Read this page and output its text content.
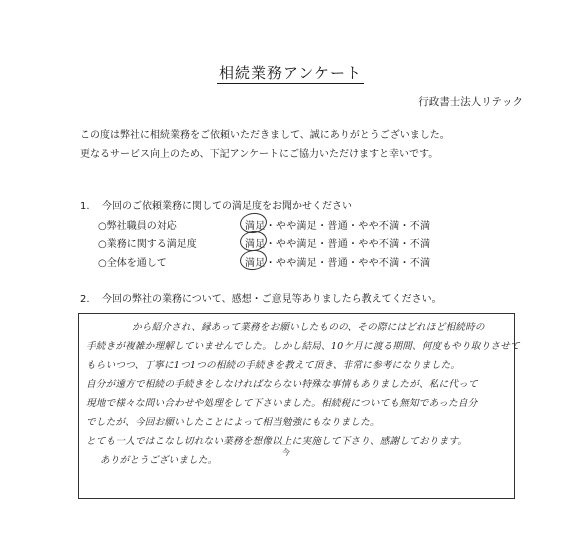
相続業務アンケート
行政書士法人リテック
この度は弊社に相続業務をご依頼いただきまして、誠にありがとうございました。
更なるサービス向上のため、下記アンケートにご協力いただけますと幸いです。
1. 今回のご依頼業務に関しての満足度をお聞かせください
○弊社職員の対応	満足・やや満足・普通・やや不満・不満
○業務に関する満足度	満足・やや満足・普通・やや不満・不満
○全体を通して	満足・やや満足・普通・やや不満・不満
2. 今回の弊社の業務について、感想・ご意見等ありましたら教えてください。
から紹介され、縁あって業務をお願いしたものの、その際にはどれほど相続時の
手続きが複雑か理解していませんでした。しかし結局、10ケ月に渡る期間、何度もやり取りさせて
もらいつつ、丁寧に1つ1つの相続の手続きを教えて頂き、非常に参考になりました。
自分が遠方で相続の手続きをしなければならない特殊な事情もありましたが、私に代って
現地で様々な問い合わせや処理をして下さいました。相続税についても無知であった自分
でしたが、今回お願いしたことによって相当勉強にもなりました。
とても一人ではこなし切れない業務を想像以上に実施して下さり、感謝しております。
ありがとうございました。
今
